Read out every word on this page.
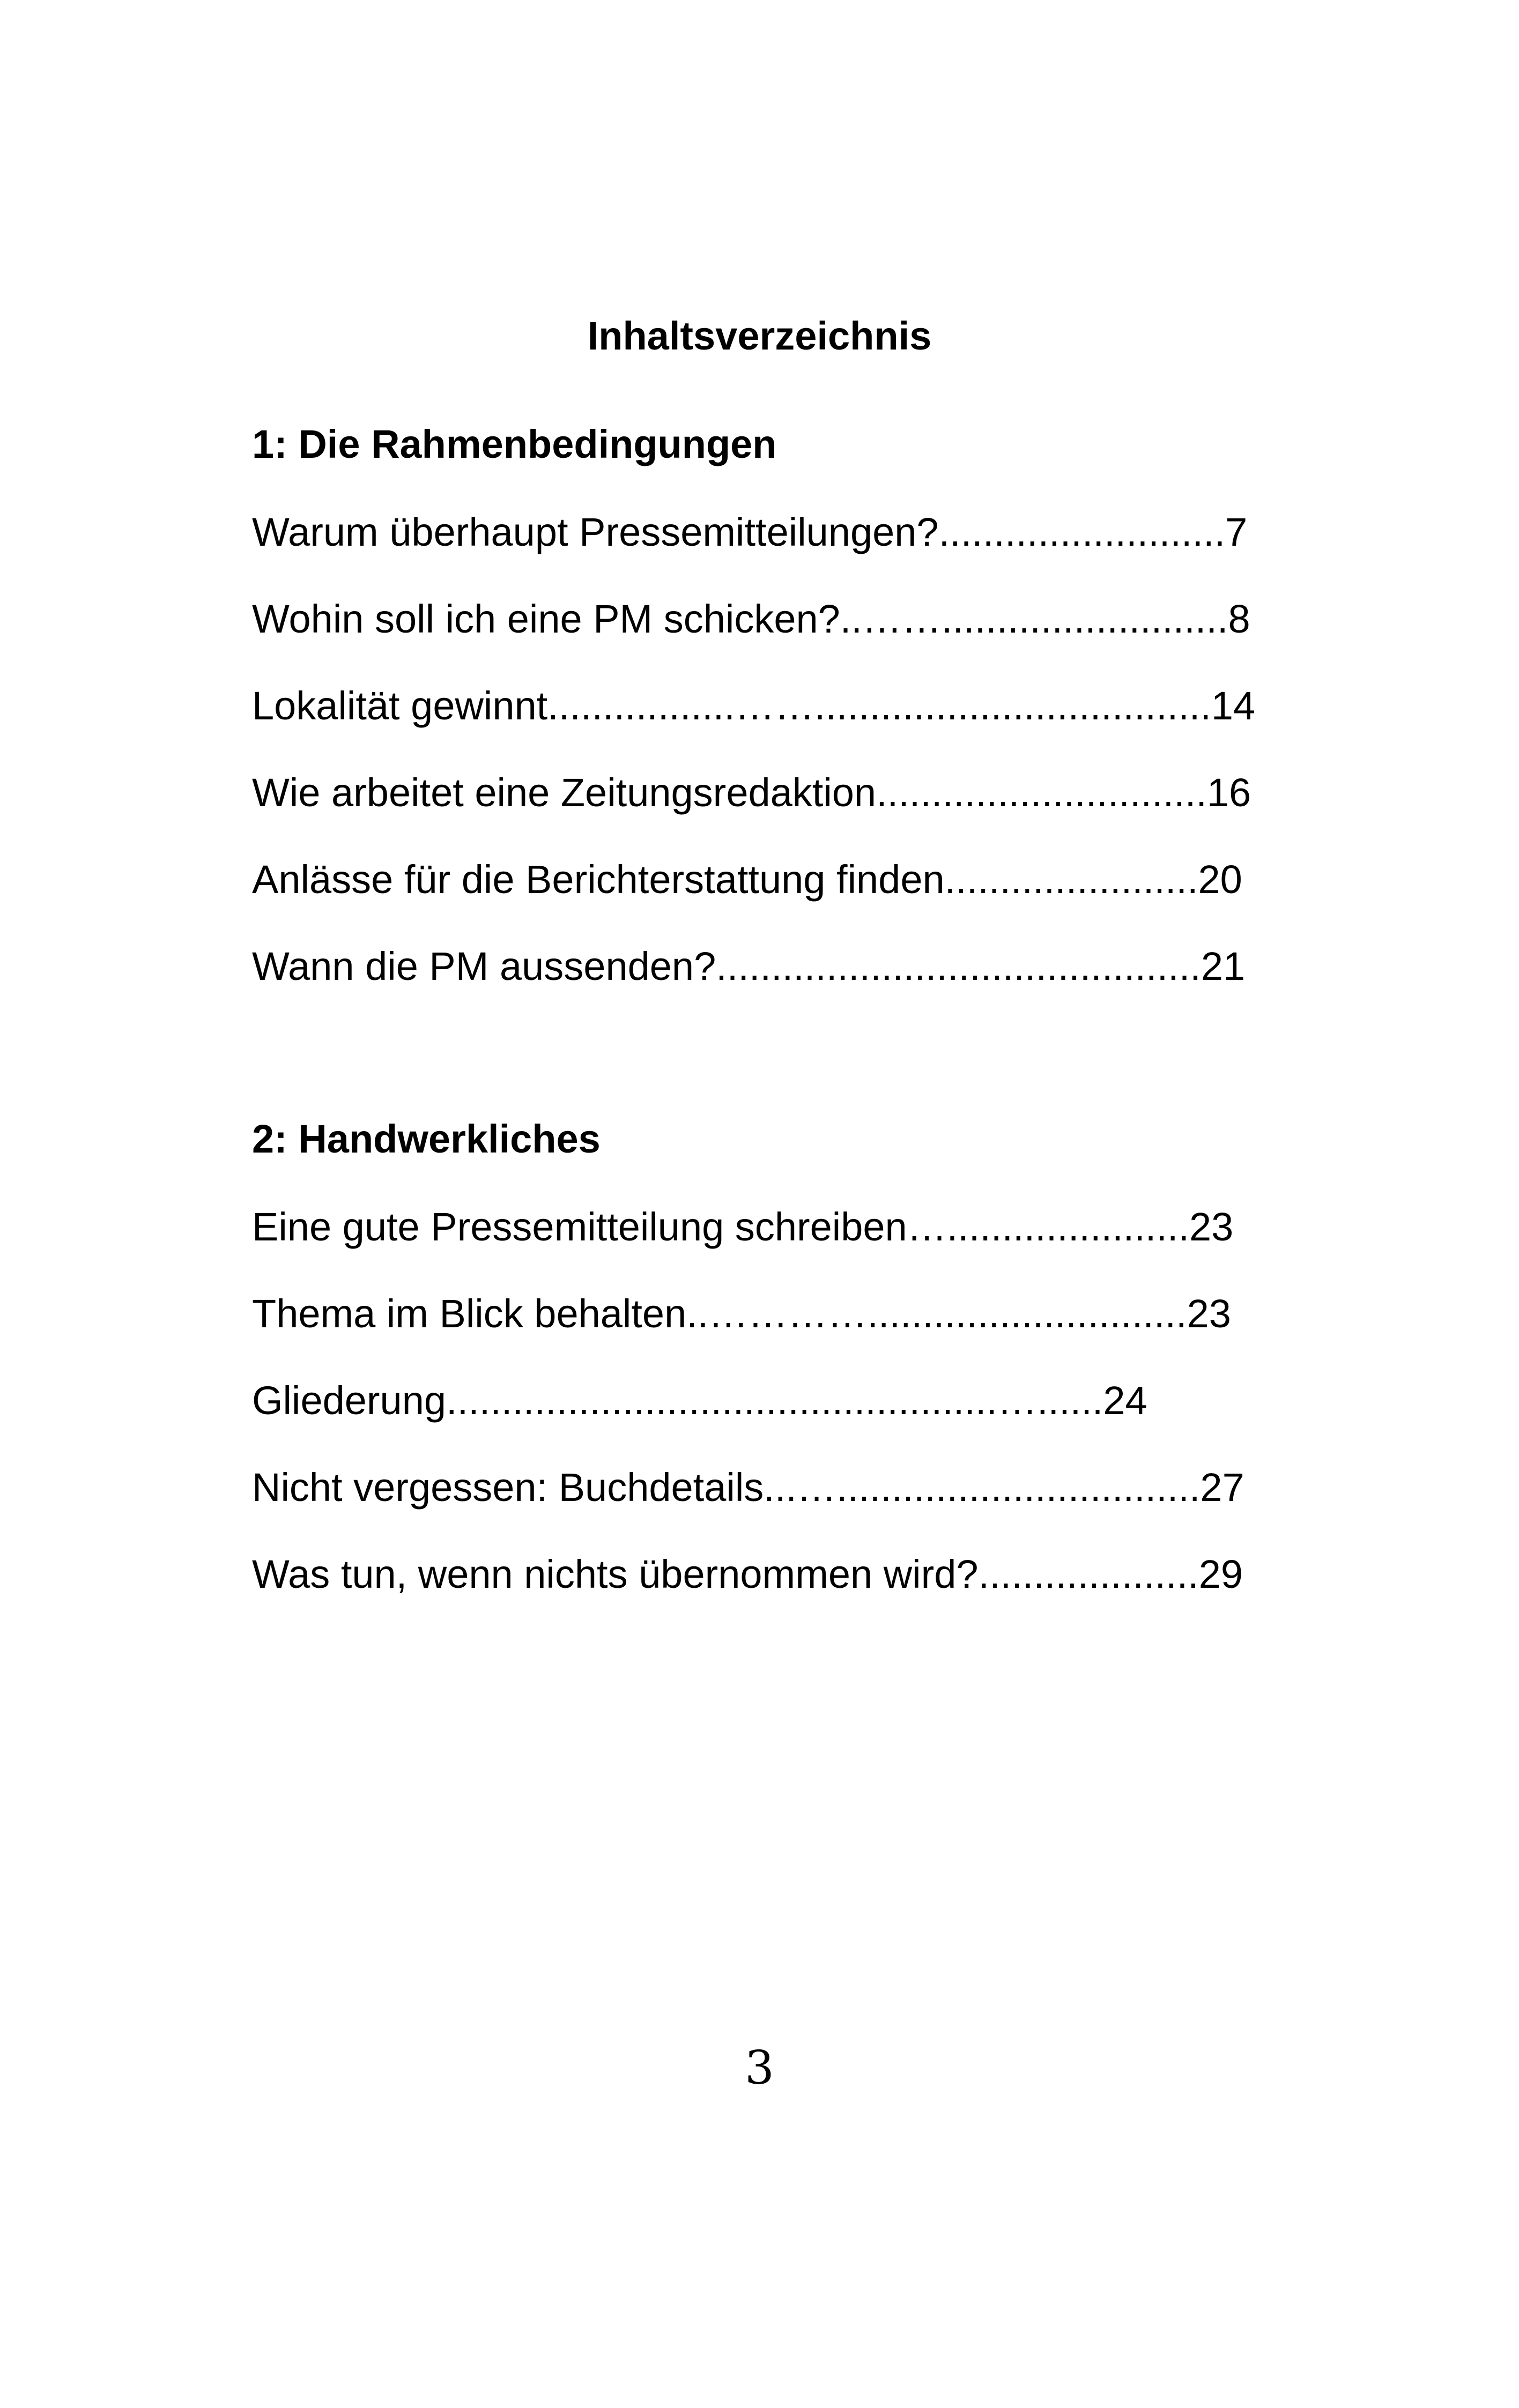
Inhaltsverzeichnis
1: Die Rahmenbedingungen

Warum überhaupt Pressemitteilungen?..........................7

Wohin soll ich eine PM schicken?..……..........................8

Lokalität gewinnt.................……....................................14

Wie arbeitet eine Zeitungsredaktion..............................16

Anlässe für die Berichterstattung finden.......................20

Wann die PM aussenden?............................................21

2: Handwerkliches

Eine gute Pressemitteilung schreiben…......................23

Thema im Blick behalten..………….............................23

Gliederung..................................................…......24

Nicht vergessen: Buchdetails...….................................27

Was tun, wenn nichts übernommen wird?....................29

3
